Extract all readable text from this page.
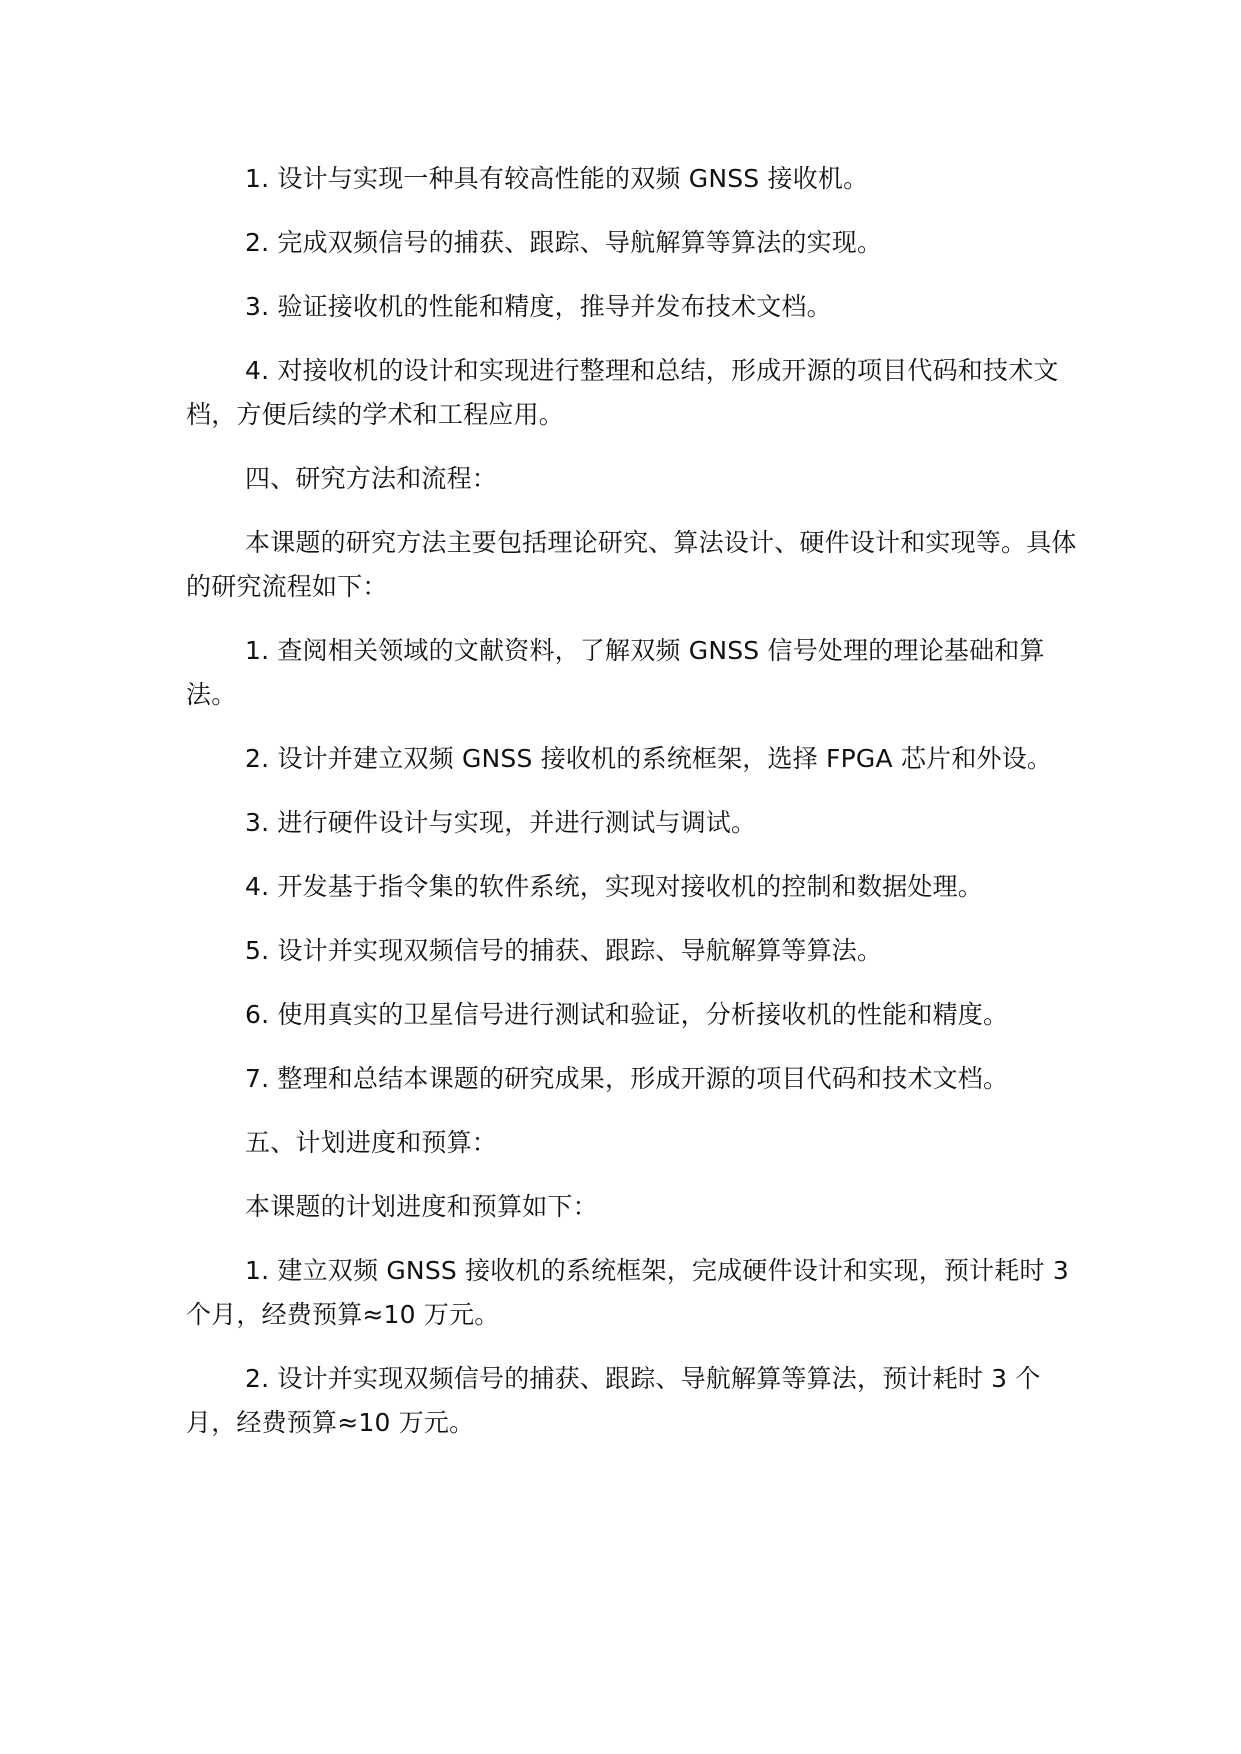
1. 设计与实现一种具有较高性能的双频 GNSS 接收机。

2. 完成双频信号的捕获、跟踪、导航解算等算法的实现。

3. 验证接收机的性能和精度，推导并发布技术文档。

4. 对接收机的设计和实现进行整理和总结，形成开源的项目代码和技术文档，方便后续的学术和工程应用。

四、研究方法和流程：

本课题的研究方法主要包括理论研究、算法设计、硬件设计和实现等。具体的研究流程如下：

1. 查阅相关领域的文献资料，了解双频 GNSS 信号处理的理论基础和算法。

2. 设计并建立双频 GNSS 接收机的系统框架，选择 FPGA 芯片和外设。

3. 进行硬件设计与实现，并进行测试与调试。

4. 开发基于指令集的软件系统，实现对接收机的控制和数据处理。

5. 设计并实现双频信号的捕获、跟踪、导航解算等算法。

6. 使用真实的卫星信号进行测试和验证，分析接收机的性能和精度。

7. 整理和总结本课题的研究成果，形成开源的项目代码和技术文档。

五、计划进度和预算：

本课题的计划进度和预算如下：

1. 建立双频 GNSS 接收机的系统框架，完成硬件设计和实现，预计耗时 3 个月，经费预算≈10 万元。

2. 设计并实现双频信号的捕获、跟踪、导航解算等算法，预计耗时 3 个月，经费预算≈10 万元。
